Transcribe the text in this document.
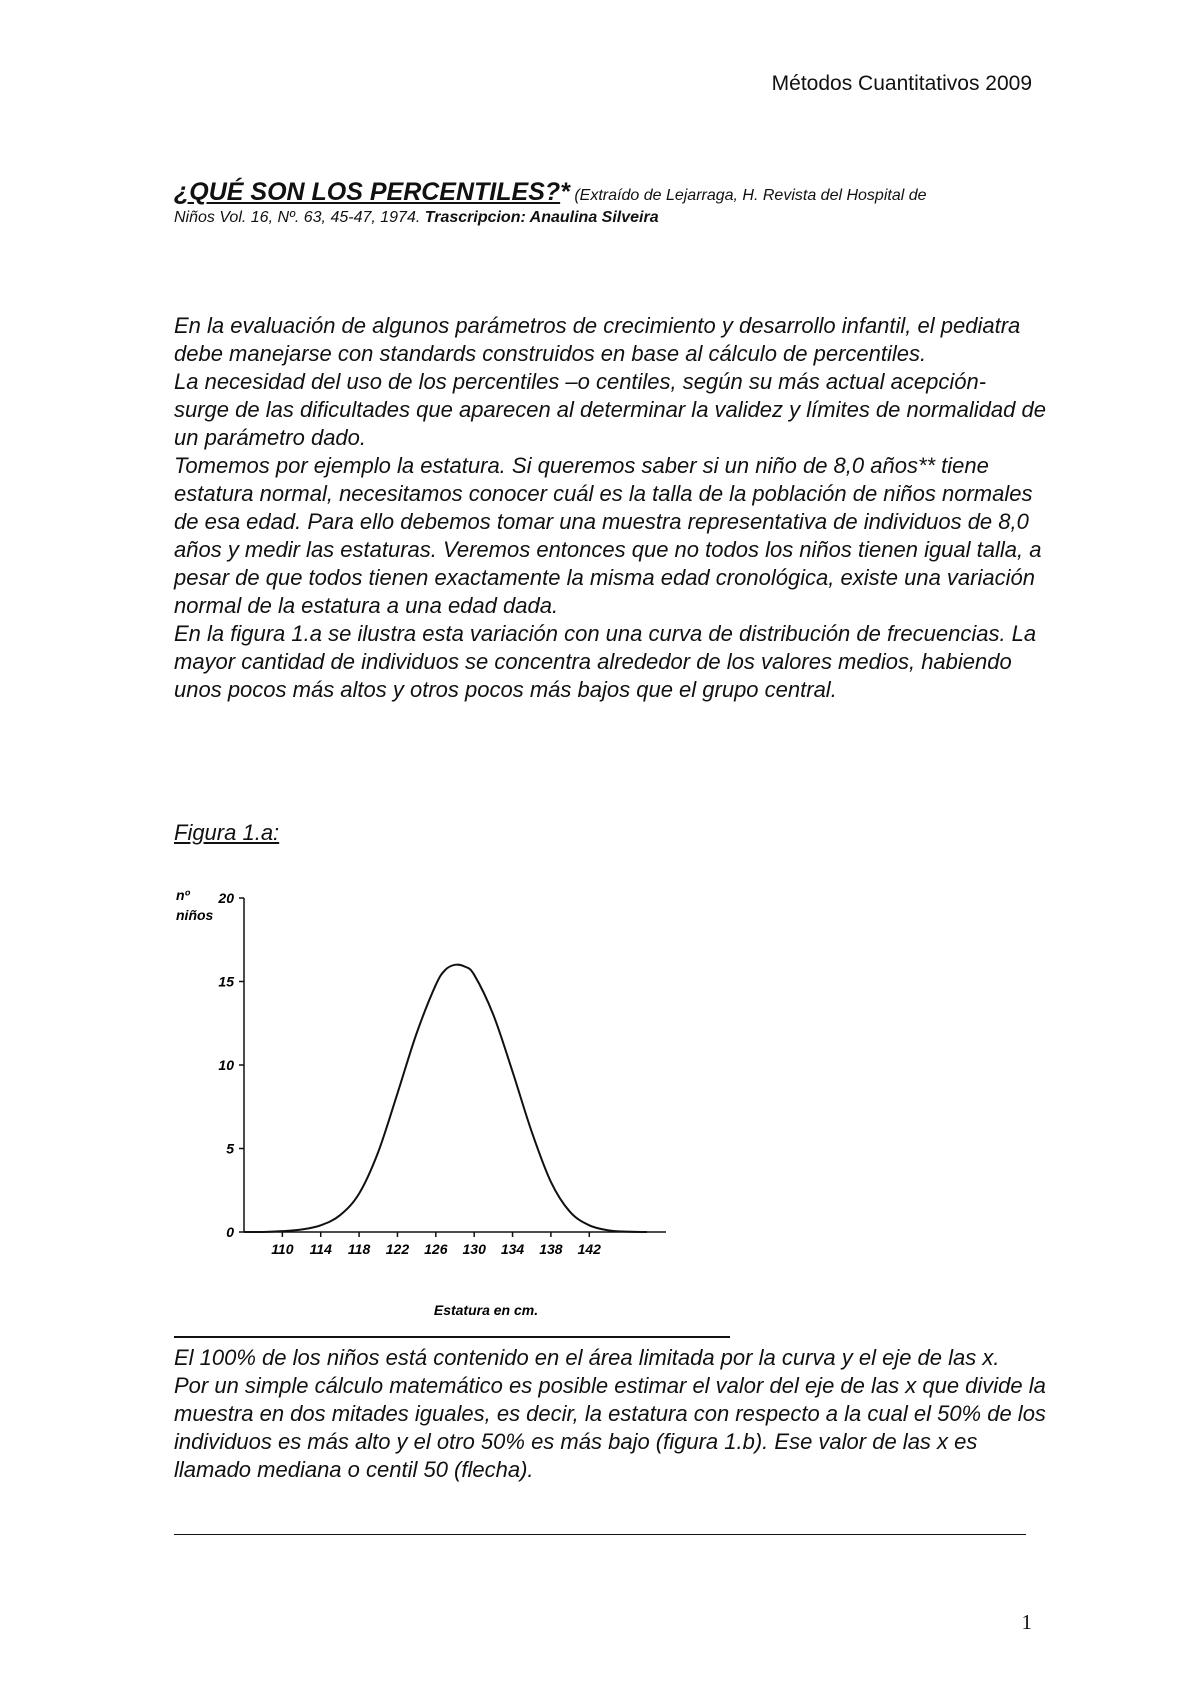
Métodos Cuantitativos 2009
¿QUÉ SON LOS PERCENTILES?* (Extraído de Lejarraga, H. Revista del Hospital de
Niños Vol. 16, Nº. 63, 45-47, 1974. Trascripcion: Anaulina Silveira

En la evaluación de algunos parámetros de crecimiento y desarrollo infantil, el pediatra debe manejarse con standards construidos en base al cálculo de percentiles.

La necesidad del uso de los percentiles –o centiles, según su más actual acepción- surge de las dificultades que aparecen al determinar la validez y límites de normalidad de un parámetro dado.

Tomemos por ejemplo la estatura. Si queremos saber si un niño de 8,0 años** tiene estatura normal, necesitamos conocer cuál es la talla de la población de niños normales de esa edad. Para ello debemos tomar una muestra representativa de individuos de 8,0 años y medir las estaturas. Veremos entonces que no todos los niños tienen igual talla, a pesar de que todos tienen exactamente la misma edad cronológica, existe una variación normal de la estatura a una edad dada.

En la figura 1.a se ilustra esta variación con una curva de distribución de frecuencias. La mayor cantidad de individuos se concentra alrededor de los valores medios, habiendo unos pocos más altos y otros pocos más bajos que el grupo central.

Figura 1.a:
0
5
10
15
20
110 114 118 122 126 130 134 138 142
nº
niños
Estatura en cm.

El 100% de los niños está contenido en el área limitada por la curva y el eje de las x.

Por un simple cálculo matemático es posible estimar el valor del eje de las x que divide la muestra en dos mitades iguales, es decir, la estatura con respecto a la cual el 50% de los individuos es más alto y el otro 50% es más bajo (figura 1.b). Ese valor de las x es llamado mediana o centil 50 (flecha).

1
